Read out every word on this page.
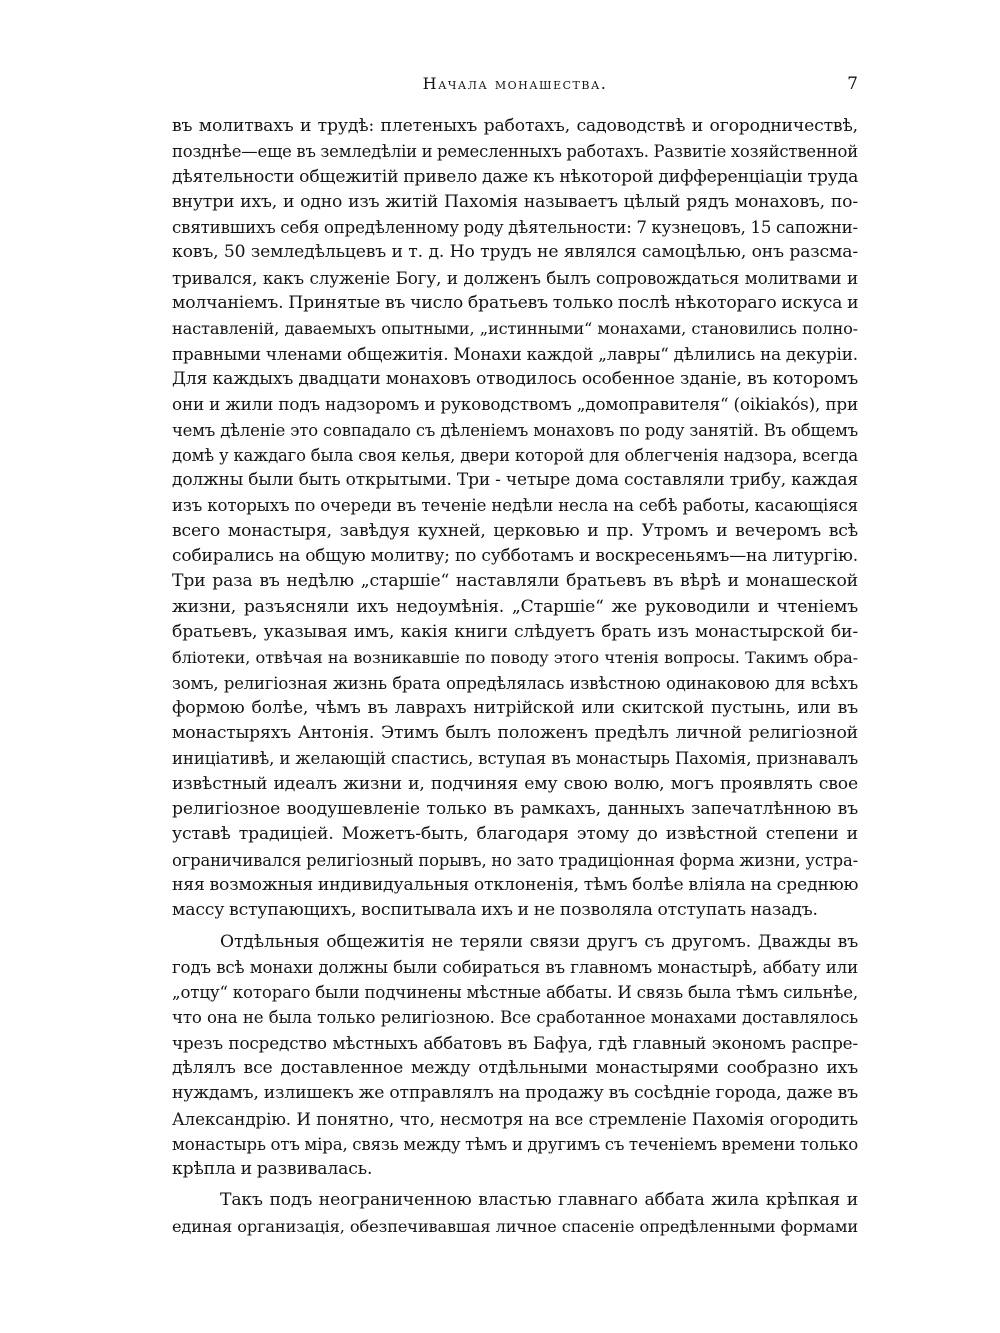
Начала монашества.	7
въ молитвахъ и трудѣ: плетеныхъ работахъ, садоводствѣ и огородничествѣ,
позднѣе—еще въ земледѣліи и ремесленныхъ работахъ. Развитіе хозяйственной
дѣятельности общежитій привело даже къ нѣкоторой дифференціаціи труда
внутри ихъ, и одно изъ житій Пахомія называетъ цѣлый рядъ монаховъ, по-
святившихъ себя опредѣленному роду дѣятельности: 7 кузнецовъ, 15 сапожни-
ковъ, 50 земледѣльцевъ и т. д. Но трудъ не являлся самоцѣлью, онъ разсма-
тривался, какъ служеніе Богу, и долженъ былъ сопровождаться молитвами и
молчаніемъ. Принятые въ число братьевъ только послѣ нѣкотораго искуса и
наставленій, даваемыхъ опытными, „истинными“ монахами, становились полно-
правными членами общежитія. Монахи каждой „лавры“ дѣлились на декуріи.
Для каждыхъ двадцати монаховъ отводилось особенное зданіе, въ которомъ
они и жили подъ надзоромъ и руководствомъ „домоправителя“ (oikiakós), при
чемъ дѣленіе это совпадало съ дѣленіемъ монаховъ по роду занятій. Въ общемъ
домѣ у каждаго была своя келья, двери которой для облегченія надзора, всегда
должны были быть открытыми. Три - четыре дома составляли трибу, каждая
изъ которыхъ по очереди въ теченіе недѣли несла на себѣ работы, касающіяся
всего монастыря, завѣдуя кухней, церковью и пр. Утромъ и вечеромъ всѣ
собирались на общую молитву; по субботамъ и воскресеньямъ—на литургію.
Три раза въ недѣлю „старшіе“ наставляли братьевъ въ вѣрѣ и монашеской
жизни, разъясняли ихъ недоумѣнія. „Старшіе“ же руководили и чтеніемъ
братьевъ, указывая имъ, какія книги слѣдуетъ брать изъ монастырской би-
бліотеки, отвѣчая на возникавшіе по поводу этого чтенія вопросы. Такимъ обра-
зомъ, религіозная жизнь брата опредѣлялась извѣстною одинаковою для всѣхъ
формою болѣе, чѣмъ въ лаврахъ нитрійской или скитской пустынь, или въ
монастыряхъ Антонія. Этимъ былъ положенъ предѣлъ личной религіозной
иниціативѣ, и желающій спастись, вступая въ монастырь Пахомія, признавалъ
извѣстный идеалъ жизни и, подчиняя ему свою волю, могъ проявлять свое
религіозное воодушевленіе только въ рамкахъ, данныхъ запечатлѣнною въ
уставѣ традиціей. Можетъ-быть, благодаря этому до извѣстной степени и
ограничивался религіозный порывъ, но зато традиціонная форма жизни, устра-
няя возможныя индивидуальныя отклоненія, тѣмъ болѣе вліяла на среднюю
массу вступающихъ, воспитывала ихъ и не позволяла отступать назадъ.
Отдѣльныя общежитія не теряли связи другъ съ другомъ. Дважды въ
годъ всѣ монахи должны были собираться въ главномъ монастырѣ, аббату или
„отцу“ котораго были подчинены мѣстные аббаты. И связь была тѣмъ сильнѣе,
что она не была только религіозною. Все сработанное монахами доставлялось
чрезъ посредство мѣстныхъ аббатовъ въ Бафуа, гдѣ главный экономъ распре-
дѣлялъ все доставленное между отдѣльными монастырями сообразно ихъ
нуждамъ, излишекъ же отправлялъ на продажу въ сосѣдніе города, даже въ
Александрію. И понятно, что, несмотря на все стремленіе Пахомія огородить
монастырь отъ міра, связь между тѣмъ и другимъ съ теченіемъ времени только
крѣпла и развивалась.
Такъ подъ неограниченною властью главнаго аббата жила крѣпкая и
единая организація, обезпечивавшая личное спасеніе опредѣленными формами
